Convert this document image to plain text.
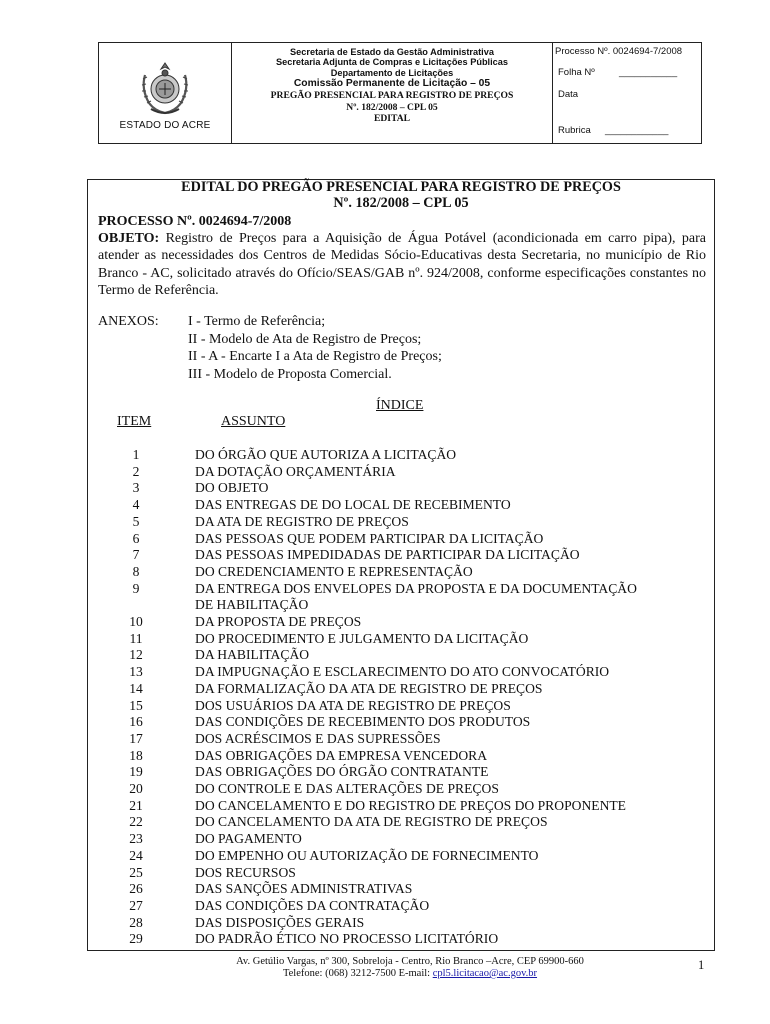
ESTADO DO ACRE
Secretaria de Estado da Gestão Administrativa
Secretaria Adjunta de Compras e Licitações Públicas
Departamento de Licitações
Comissão Permanente de Licitação – 05
PREGÃO PRESENCIAL PARA REGISTRO DE PREÇOS
Nº. 182/2008 – CPL 05
EDITAL
Processo Nº. 0024694-7/2008
Folha Nº	___________
Data
Rubrica ____________
EDITAL DO PREGÃO PRESENCIAL PARA REGISTRO DE PREÇOS
Nº. 182/2008 – CPL 05
PROCESSO Nº. 0024694-7/2008
OBJETO: Registro de Preços para a Aquisição de Água Potável (acondicionada em carro pipa), para atender as necessidades dos Centros de Medidas Sócio-Educativas desta Secretaria, no município de Rio Branco - AC, solicitado através do Ofício/SEAS/GAB nº. 924/2008, conforme especificações constantes no Termo de Referência.
ANEXOS: I - Termo de Referência;
II - Modelo de Ata de Registro de Preços;
II - A - Encarte I a Ata de Registro de Preços;
III - Modelo de Proposta Comercial.
ÍNDICE
ITEM	ASSUNTO
1	DO ÓRGÃO QUE AUTORIZA A LICITAÇÃO
2	DA DOTAÇÃO ORÇAMENTÁRIA
3	DO OBJETO
4	DAS ENTREGAS DE DO LOCAL DE RECEBIMENTO
5	DA ATA DE REGISTRO DE PREÇOS
6	DAS PESSOAS QUE PODEM PARTICIPAR DA LICITAÇÃO
7	DAS PESSOAS IMPEDIDADAS DE PARTICIPAR DA LICITAÇÃO
8	DO CREDENCIAMENTO E REPRESENTAÇÃO
9	DA ENTREGA DOS ENVELOPES DA PROPOSTA E DA DOCUMENTAÇÃO
DE HABILITAÇÃO
10	DA PROPOSTA DE PREÇOS
11	DO PROCEDIMENTO E JULGAMENTO DA LICITAÇÃO
12	DA HABILITAÇÃO
13	DA IMPUGNAÇÃO E ESCLARECIMENTO DO ATO CONVOCATÓRIO
14	DA FORMALIZAÇÃO DA ATA DE REGISTRO DE PREÇOS
15	DOS USUÁRIOS DA ATA DE REGISTRO DE PREÇOS
16	DAS CONDIÇÕES DE RECEBIMENTO DOS PRODUTOS
17	DOS ACRÉSCIMOS E DAS SUPRESSÕES
18	DAS OBRIGAÇÕES DA EMPRESA VENCEDORA
19	DAS OBRIGAÇÕES DO ÓRGÃO CONTRATANTE
20	DO CONTROLE E DAS ALTERAÇÕES DE PREÇOS
21	DO CANCELAMENTO E DO REGISTRO DE PREÇOS DO PROPONENTE
22	DO CANCELAMENTO DA ATA DE REGISTRO DE PREÇOS
23	DO PAGAMENTO
24	DO EMPENHO OU AUTORIZAÇÃO DE FORNECIMENTO
25	DOS RECURSOS
26	DAS SANÇÕES ADMINISTRATIVAS
27	DAS CONDIÇÕES DA CONTRATAÇÃO
28	DAS DISPOSIÇÕES GERAIS
29	DO PADRÃO ÉTICO NO PROCESSO LICITATÓRIO
Av. Getúlio Vargas, nº 300, Sobreloja - Centro, Rio Branco –Acre, CEP 69900-660
Telefone: (068) 3212-7500 E-mail: cpl5.licitacao@ac.gov.br
1
